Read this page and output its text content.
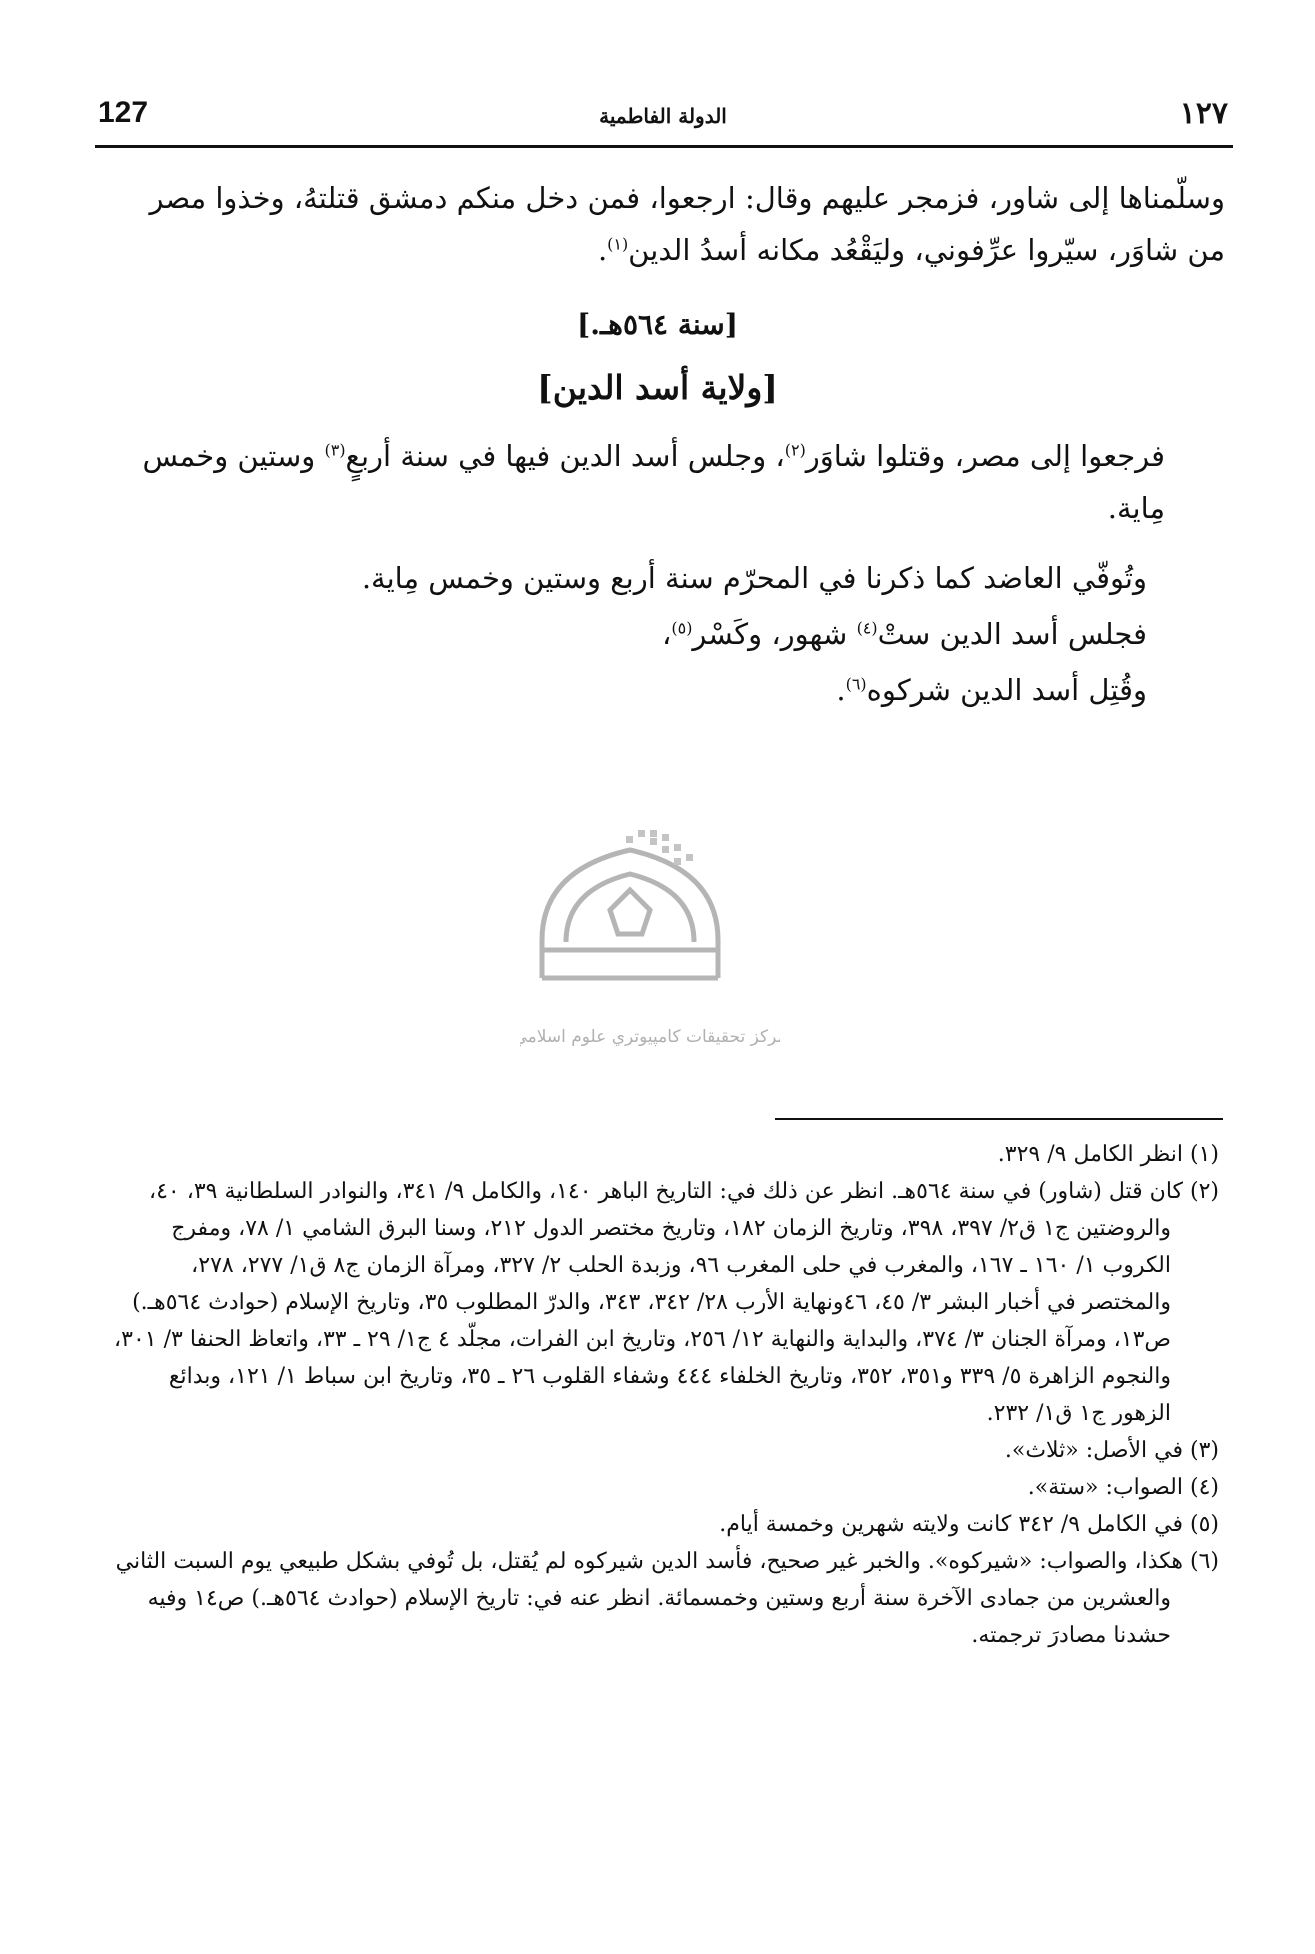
127	الدولة الفاطمية	١٢٧

وسلّمناها إلى شاور، فزمجر عليهم وقال: ارجعوا، فمن دخل منكم دمشق قتلتهُ، وخذوا مصر من شاوَر، سيّروا عرِّفوني، وليَقْعُد مكانه أسدُ الدين$^{(١)}$.

[سنة ٥٦٤هـ.]
[ولاية أسد الدين]

فرجعوا إلى مصر، وقتلوا شاوَر$^{(٢)}$، وجلس أسد الدين فيها في سنة أربعٍ$^{(٣)}$ وستين وخمس مِاية.

وتُوفّي العاضد كما ذكرنا في المحرّم سنة أربع وستين وخمس مِاية.

فجلس أسد الدين ستْ$^{(٤)}$ شهور، وكَسْر$^{(٥)}$،

وقُتِل أسد الدين شركوه$^{(٦)}$.

مركز تحقيقات كامپيوتري علوم اسلامي

(١) انظر الكامل ٩/ ٣٢٩.

(٢) كان قتل (شاور) في سنة ٥٦٤هـ. انظر عن ذلك في: التاريخ الباهر ١٤٠، والكامل ٩/ ٣٤١، والنوادر السلطانية ٣٩، ٤٠، والروضتين ج١ ق٢/ ٣٩٧، ٣٩٨، وتاريخ الزمان ١٨٢، وتاريخ مختصر الدول ٢١٢، وسنا البرق الشامي ١/ ٧٨، ومفرج الكروب ١/ ١٦٠ ـ ١٦٧، والمغرب في حلى المغرب ٩٦، وزبدة الحلب ٢/ ٣٢٧، ومرآة الزمان ج٨ ق١/ ٢٧٧، ٢٧٨، والمختصر في أخبار البشر ٣/ ٤٥، ٤٦ونهاية الأرب ٢٨/ ٣٤٢، ٣٤٣، والدرّ المطلوب ٣٥، وتاريخ الإسلام (حوادث ٥٦٤هـ.) ص١٣، ومرآة الجنان ٣/ ٣٧٤، والبداية والنهاية ١٢/ ٢٥٦، وتاريخ ابن الفرات، مجلّد ٤ ج١/ ٢٩ ـ ٣٣، واتعاظ الحنفا ٣/ ٣٠١، والنجوم الزاهرة ٥/ ٣٣٩ و٣٥١، ٣٥٢، وتاريخ الخلفاء ٤٤٤ وشفاء القلوب ٢٦ ـ ٣٥، وتاريخ ابن سباط ١/ ١٢١، وبدائع الزهور ج١ ق١/ ٢٣٢.

(٣) في الأصل: «ثلاث».

(٤) الصواب: «ستة».

(٥) في الكامل ٩/ ٣٤٢ كانت ولايته شهرين وخمسة أيام.

(٦) هكذا، والصواب: «شيركوه». والخبر غير صحيح، فأسد الدين شيركوه لم يُقتل، بل تُوفي بشكل طبيعي يوم السبت الثاني والعشرين من جمادى الآخرة سنة أربع وستين وخمسمائة. انظر عنه في: تاريخ الإسلام (حوادث ٥٦٤هـ.) ص١٤ وفيه حشدنا مصادرَ ترجمته.
